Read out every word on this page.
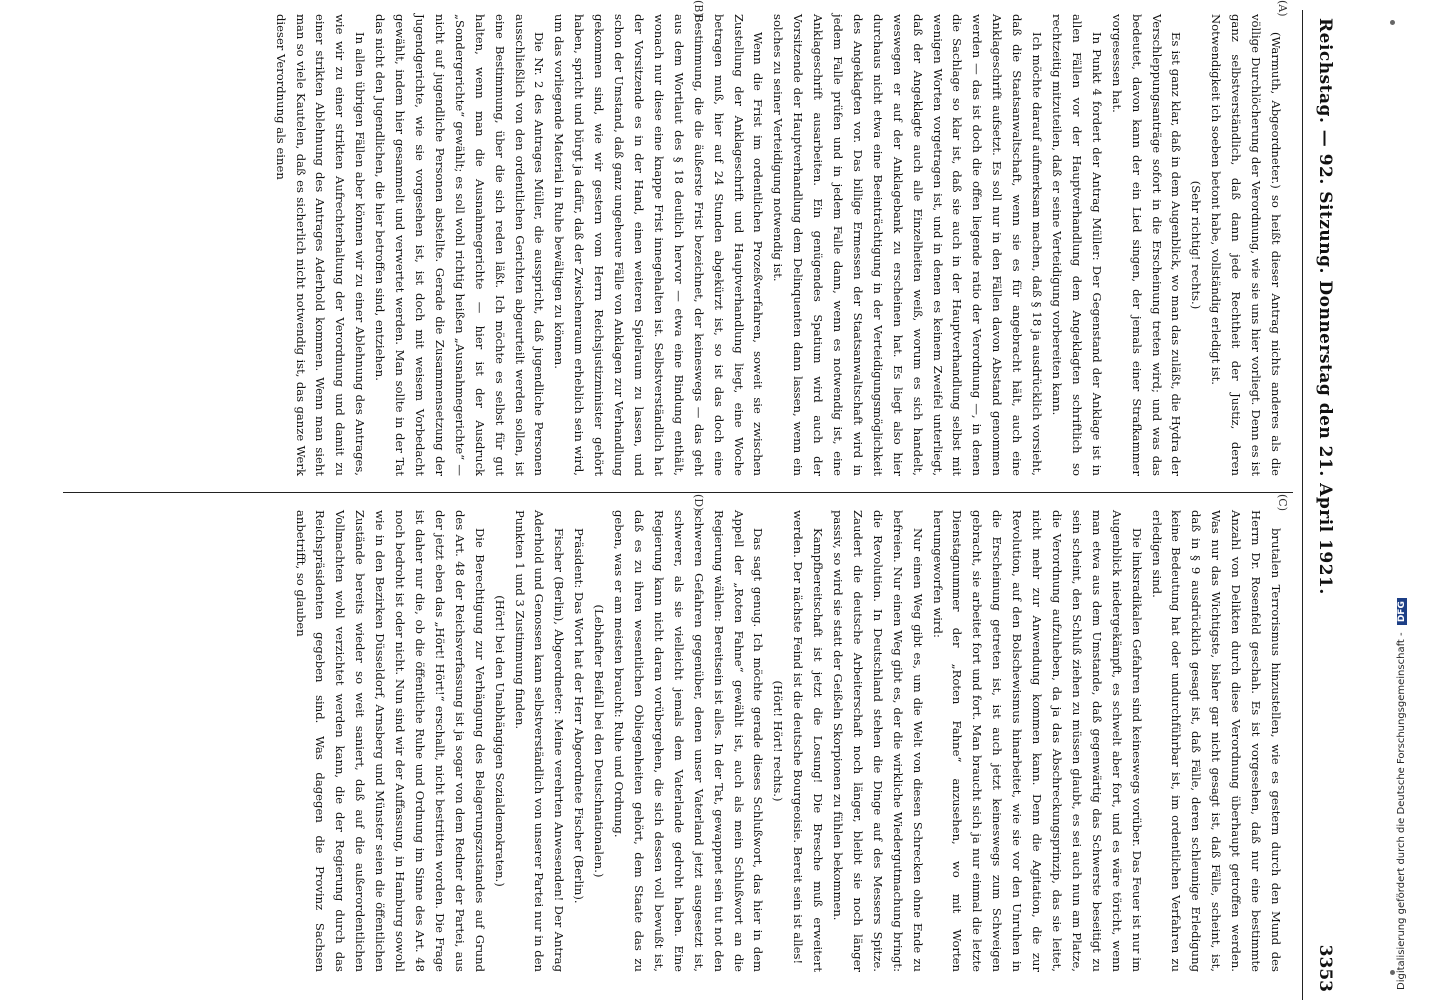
Reichstag. — 92. Sitzung. Donnerstag den 21. April 1921.
3353
(A)
(B)
(C)
(D)

(Warmuth, Abgeordneter.) so heißt dieser Antrag nichts anderes als die völlige Durchlöcherung der Verordnung, wie sie uns hier vorliegt. Denn es ist ganz selbstverständlich, daß dann jede Rechtheit der Justiz, deren Notwendigkeit ich soeben betont habe, vollständig erledigt ist.

(Sehr richtig! rechts.)

Es ist ganz klar, daß in dem Augenblick, wo man das zuläßt, die Hydra der Verschleppungsanträge sofort in die Erscheinung treten wird; und was das bedeutet, davon kann der ein Lied singen, der jemals einer Strafkammer vorgesessen hat.

In Punkt 4 fordert der Antrag Müller: Der Gegenstand der Anklage ist in allen Fällen vor der Hauptverhandlung dem Angeklagten schriftlich so rechtzeitig mitzuteilen, daß er seine Verteidigung vorbereiten kann.

Ich möchte darauf aufmerksam machen, daß § 18 ja ausdrücklich vorsieht, daß die Staatsanwaltschaft, wenn sie es für angebracht hält, auch eine Anklageschrift aufsetzt. Es soll nur in den Fällen davon Abstand genommen werden — das ist doch die offen liegende ratio der Verordnung —, in denen die Sachlage so klar ist, daß sie auch in der Hauptverhandlung selbst mit wenigen Worten vorgetragen ist, und in denen es keinem Zweifel unterliegt, daß der Angeklagte auch alle Einzelheiten weiß, worum es sich handelt, weswegen er auf der Anklagebank zu erscheinen hat. Es liegt also hier durchaus nicht etwa eine Beeinträchtigung in der Verteidigungsmöglichkeit des Angeklagten vor. Das billige Ermessen der Staatsanwaltschaft wird in jedem Falle prüfen und in jedem Falle dann, wenn es notwendig ist, eine Anklageschrift ausarbeiten. Ein genügendes Spatium wird auch der Vorsitzende der Hauptverhandlung dem Delinquenten dann lassen, wenn ein solches zu seiner Verteidigung notwendig ist.

Wenn die Frist im ordentlichen Prozeßverfahren, soweit sie zwischen Zustellung der Anklageschrift und Hauptverhandlung liegt, eine Woche betragen muß, hier auf 24 Stunden abgekürzt ist, so ist das doch eine Bestimmung, die die äußerste Frist bezeichnet, der keineswegs — das geht aus dem Wortlaut des § 18 deutlich hervor — etwa eine Bindung enthält, wonach nur diese eine knappe Frist innegehalten ist. Selbstverständlich hat der Vorsitzende es in der Hand, einen weiteren Spielraum zu lassen, und schon der Umstand, daß ganz ungeheure Fälle von Anklagen zur Verhandlung gekommen sind, wie wir gestern vom Herrn Reichsjustizminister gehört haben, spricht und bürgt ja dafür, daß der Zwischenraum erheblich sein wird, um das vorliegende Material in Ruhe bewältigen zu können.

Die Nr. 2 des Antrages Müller, die ausspricht, daß jugendliche Personen ausschließlich von den ordentlichen Gerichten abgeurteilt werden sollen, ist eine Bestimmung, über die sich reden läßt. Ich möchte es selbst für gut halten, wenn man die Ausnahmegerichte — hier ist der Ausdruck „Sondergerichte“ gewählt; es soll wohl richtig heißen „Ausnahmegerichte“ — nicht auf jugendliche Personen abstellte. Gerade die Zusammensetzung der Jugendgerichte, wie sie vorgesehen ist, ist doch mit weisem Vorbedacht gewählt, indem hier gesammelt und verwertet werden. Man sollte in der Tat das nicht den Jugendlichen, die hier betroffen sind, entziehen.

In allen übrigen Fällen aber können wir zu einer Ablehnung des Antrages, wie wir zu einer strikten Aufrechterhaltung der Verordnung und damit zu einer strikten Ablehnung des Antrages Aderhold kommen. Wenn man sieht man so viele Kautelen, daß es sicherlich nicht notwendig ist, das ganze Werk dieser Verordnung als einen

brutalen Terrorismus hinzustellen, wie es gestern durch den Mund des Herrn Dr. Rosenfeld geschah. Es ist vorgesehen, daß nur eine bestimmte Anzahl von Delikten durch diese Verordnung überhaupt getroffen werden. Was nur das Wichtigste, bisher gar nicht gesagt ist, daß Fälle, scheint, ist, daß in § 9 ausdrücklich gesagt ist, daß Fälle, deren schleunige Erledigung keine Bedeutung hat oder undurchführbar ist, im ordentlichen Verfahren zu erledigen sind.

Die linksradikalen Gefahren sind keineswegs vorüber. Das Feuer ist nur im Augenblick niedergekämpft, es schwelt aber fort, und es wäre töricht, wenn man etwa aus dem Umstande, daß gegenwärtig das Schwerste beseitigt zu sein scheint, den Schluß ziehen zu müssen glaubt, es sei auch nun am Platze, die Verordnung aufzuheben, da ja das Abschreckungsprinzip, das sie leitet, nicht mehr zur Anwendung kommen kann. Denn die Agitation, die zur Revolution, auf den Bolschewismus hinarbeitet, wie sie vor den Unruhen in die Erscheinung getreten ist, ist auch jetzt keineswegs zum Schweigen gebracht, sie arbeitet fort und fort. Man braucht sich ja nur einmal die letzte Dienstagnummer der „Roten Fahne“ anzusehen, wo mit Worten herumgeworfen wird:

Nur einen Weg gibt es, um die Welt von diesen Schrecken ohne Ende zu befreien. Nur einen Weg gibt es, der die wirkliche Wiedergutmachung bringt: die Revolution. In Deutschland stehen die Dinge auf des Messers Spitze. Zaudert die deutsche Arbeiterschaft noch länger, bleibt sie noch länger passiv, so wird sie statt der Geißeln Skorpionen zu fühlen bekommen.

Kampfbereitschaft ist jetzt die Losung! Die Bresche muß erweitert werden. Der nächste Feind ist die deutsche Bourgeoisie. Bereit sein ist alles!

(Hört! Hört! rechts.)

Das sagt genug. Ich möchte gerade dieses Schlußwort, das hier in dem Appell der „Roten Fahne“ gewählt ist, auch als mein Schlußwort an die Regierung wählen: Bereitsein ist alles. In der Tat, gewappnet sein tut not den schweren Gefahren gegenüber, denen unser Vaterland jetzt ausgesetzt ist, schwerer, als sie vielleicht jemals dem Vaterlande gedroht haben. Eine Regierung kann nicht daran vorübergehen, die sich dessen voll bewußt ist, daß es zu ihren wesentlichen Obliegenheiten gehört, dem Staate das zu geben, was er am meisten braucht: Ruhe und Ordnung.

(Lebhafter Beifall bei den Deutschnationalen.)

Präsident: Das Wort hat der Herr Abgeordnete Fischer (Berlin).

Fischer (Berlin), Abgeordneter: Meine verehrten Anwesenden! Der Antrag Aderhold und Genossen kann selbstverständlich von unserer Partei nur in den Punkten 1 und 3 Zustimmung finden.

(Hört! bei den Unabhängigen Sozialdemokraten.)

Die Berechtigung zur Verhängung des Belagerungszustandes auf Grund des Art. 48 der Reichsverfassung ist ja sogar von dem Redner der Partei, aus der jetzt eben das „Hört! Hört!“ erschallt, nicht bestritten worden. Die Frage ist daher nur die, ob die öffentliche Ruhe und Ordnung im Sinne des Art. 48 noch bedroht ist oder nicht. Nun sind wir der Auffassung, in Hamburg sowohl wie in den Bezirken Düsseldorf, Arnsberg und Münster seien die öffentlichen Zustände bereits wieder so weit saniert, daß auf die außerordentlichen Vollmachten wohl verzichtet werden kann, die der Regierung durch das Reichspräsidenten gegeben sind. Was dagegen die Provinz Sachsen anbetrifft, so glauben

Digitalisierung gefördert durch die Deutsche Forschungsgemeinschaft - DFG
